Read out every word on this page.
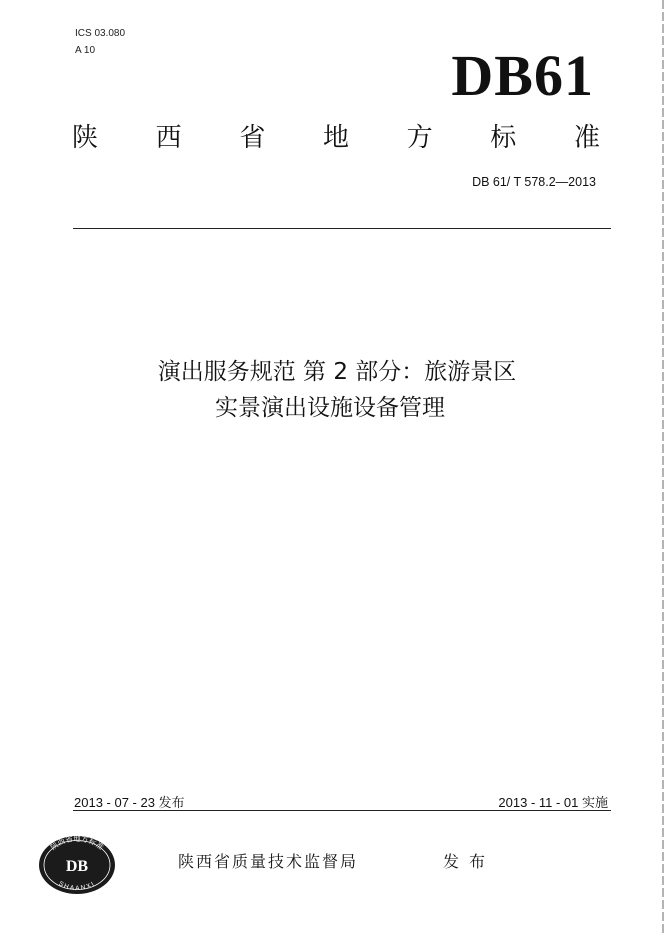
ICS 03.080
A 10	DB61
陕 西 省 地 方 标 准
DB 61/ T 578.2—2013
演出服务规范 第 2 部分：旅游景区
实景演出设施设备管理
2013 - 07 - 23 发布	2013 - 11 - 01 实施
陕西省地方标准
DB
SHAANXI
陕西省质量技术监督局	发布
